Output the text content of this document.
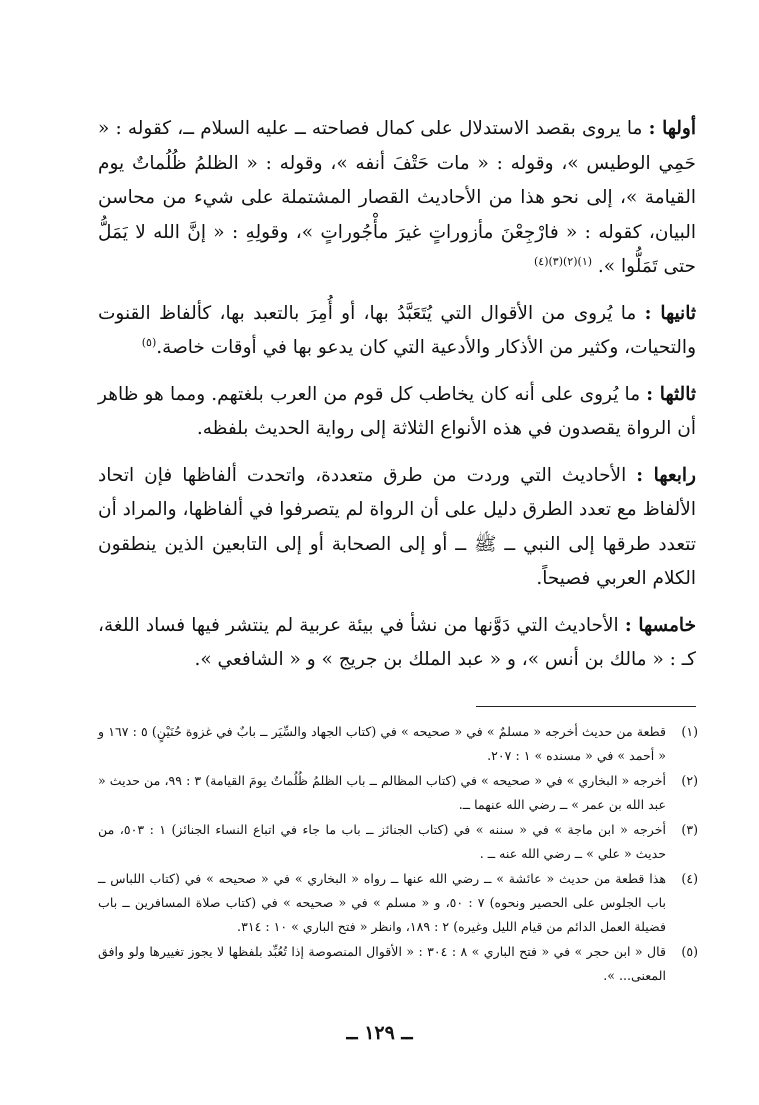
أولها : ما يروى بقصد الاستدلال على كمال فصاحته ــ عليه السلام ــ، كقوله : « حَمِي الوطيس »، وقوله : « مات حَتْفَ أنفه »، وقوله : « الظلمُ ظُلُماتٌ يوم القيامة »، إلى نحو هذا من الأحاديث القصار المشتملة على شيء من محاسن البيان، كقوله : « فارْجِعْنَ مأزوراتٍ غيرَ مأْجُوراتٍ »، وقولِهِ : « إنَّ الله لا يَمَلُّ حتى تَمَلُّوا ». $^{(١)(٢)(٣)(٤)}$

ثانيها : ما يُروى من الأقوال التي يُتَعَبَّدُ بها، أو أُمِرَ بالتعبد بها، كألفاظ القنوت والتحيات، وكثير من الأذكار والأدعية التي كان يدعو بها في أوقات خاصة.$^{(٥)}$

ثالثها : ما يُروى على أنه كان يخاطب كل قوم من العرب بلغتهم. ومما هو ظاهر أن الرواة يقصدون في هذه الأنواع الثلاثة إلى رواية الحديث بلفظه.

رابعها : الأحاديث التي وردت من طرق متعددة، واتحدت ألفاظها فإن اتحاد الألفاظ مع تعدد الطرق دليل على أن الرواة لم يتصرفوا في ألفاظها، والمراد أن تتعدد طرقها إلى النبي ــ ﷺ ــ أو إلى الصحابة أو إلى التابعين الذين ينطقون الكلام العربي فصيحاً.

خامسها : الأحاديث التي دَوَّنها من نشأ في بيئة عربية لم ينتشر فيها فساد اللغة، كـ : « مالك بن أنس »، و « عبد الملك بن جريج » و « الشافعي ».

(١)
قطعة من حديث أخرجه « مسلمٌ » في « صحيحه » في (كتاب الجهاد والسِّيَر ــ بابٌ في غزوة حُنَيْنٍ) ٥ : ١٦٧ و « أحمد » في « مسنده » ١ : ٢٠٧.
(٢)
أخرجه « البخاري » في « صحيحه » في (كتاب المظالم ــ باب الظلمُ ظُلُماتٌ يومَ القيامة) ٣ : ٩٩، من حديث « عبد الله بن عمر » ــ رضي الله عنهما ــ.
(٣)
أخرجه « ابن ماجة » في « سننه » في (كتاب الجنائز ــ باب ما جاء في اتباع النساء الجنائز) ١ : ٥٠٣، من حديث « علي » ــ رضي الله عنه ــ .
(٤)
هذا قطعة من حديث « عائشة » ــ رضي الله عنها ــ رواه « البخاري » في « صحيحه » في (كتاب اللباس ــ باب الجلوس على الحصير ونحوه) ٧ : ٥٠، و « مسلم » في « صحيحه » في (كتاب صلاة المسافرين ــ باب فضيلة العمل الدائم من قيام الليل وغيره) ٢ : ١٨٩، وانظر « فتح الباري » ١٠ : ٣١٤.
(٥)
قال « ابن حجر » في « فتح الباري » ٨ : ٣٠٤ : « الأقوال المنصوصة إذا تُعُبِّد بلفظها لا يجوز تغييرها ولو وافق المعنى... ».
ــ ١٢٩ ــ
